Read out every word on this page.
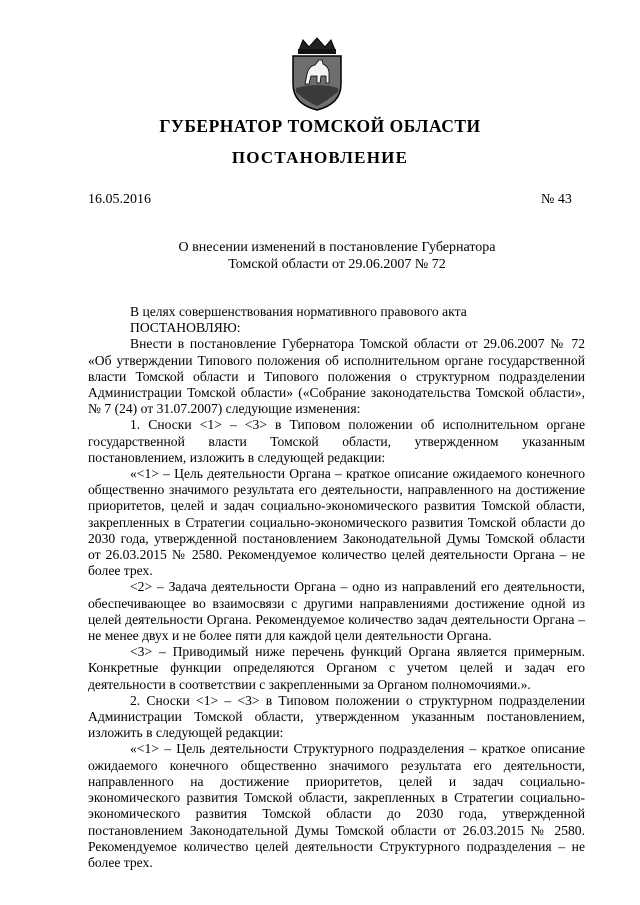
ГУБЕРНАТОР ТОМСКОЙ ОБЛАСТИ
ПОСТАНОВЛЕНИЕ
16.05.2016	№ 43
О внесении изменений в постановление Губернатора
Томской области от 29.06.2007 № 72

В целях совершенствования нормативного правового акта

ПОСТАНОВЛЯЮ:

Внести в постановление Губернатора Томской области от 29.06.2007 № 72 «Об утверждении Типового положения об исполнительном органе государственной власти Томской области и Типового положения о структурном подразделении Администрации Томской области» («Собрание законодательства Томской области», № 7 (24) от 31.07.2007) следующие изменения:

1. Сноски <1> – <3> в Типовом положении об исполнительном органе государственной власти Томской области, утвержденном указанным постановлением, изложить в следующей редакции:

«<1> – Цель деятельности Органа – краткое описание ожидаемого конечного общественно значимого результата его деятельности, направленного на достижение приоритетов, целей и задач социально-экономического развития Томской области, закрепленных в Стратегии социально-экономического развития Томской области до 2030 года, утвержденной постановлением Законодательной Думы Томской области от 26.03.2015 № 2580. Рекомендуемое количество целей деятельности Органа – не более трех.

<2> – Задача деятельности Органа – одно из направлений его деятельности, обеспечивающее во взаимосвязи с другими направлениями достижение одной из целей деятельности Органа. Рекомендуемое количество задач деятельности Органа – не менее двух и не более пяти для каждой цели деятельности Органа.

<3> – Приводимый ниже перечень функций Органа является примерным. Конкретные функции определяются Органом с учетом целей и задач его деятельности в соответствии с закрепленными за Органом полномочиями.».

2. Сноски <1> – <3> в Типовом положении о структурном подразделении Администрации Томской области, утвержденном указанным постановлением, изложить в следующей редакции:

«<1> – Цель деятельности Структурного подразделения – краткое описание ожидаемого конечного общественно значимого результата его деятельности, направленного на достижение приоритетов, целей и задач социально-экономического развития Томской области, закрепленных в Стратегии социально-экономического развития Томской области до 2030 года, утвержденной постановлением Законодательной Думы Томской области от 26.03.2015 № 2580. Рекомендуемое количество целей деятельности Структурного подразделения – не более трех.
